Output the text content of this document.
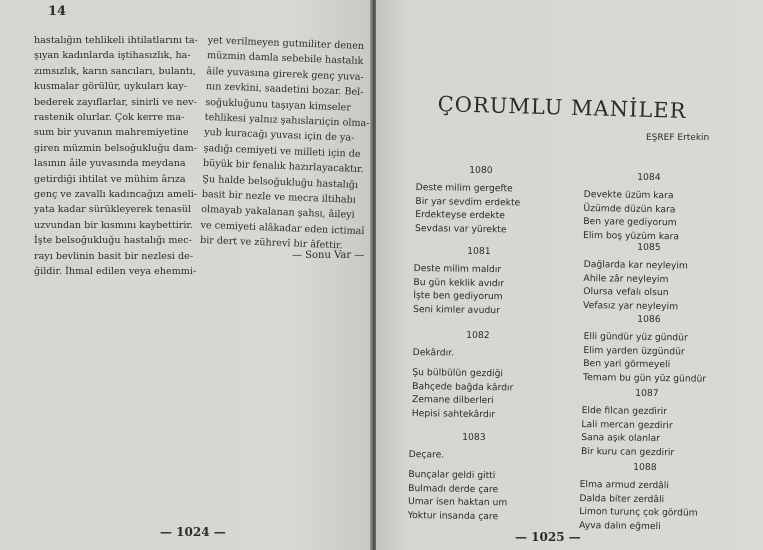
14
hastalığın tehlikeli ihtilatlarını ta-
şıyan kadınlarda iştihasızlık, ha-
zımsızlık, karın sancıları, bulantı,
kusmalar görülür, uykuları kay-
bederek zayıflarlar, sinirli ve nev-
rastenik olurlar. Çok kerre ma-
sum bir yuvanın mahremiyetine
giren müzmin belsoğukluğu dam-
lasının âile yuvasında meydana
getirdiği ihtilat ve mühim ârıza
genç ve zavallı kadıncağızı ameli-
yata kadar sürükleyerek tenasül
uzvundan bir kısmını kaybettirir.
İşte belsoğukluğu hastalığı mec-
rayı bevlinin basit bir nezlesi de-
ğildir. İhmal edilen veya ehemmi-
yet verilmeyen gutmiliter denen
müzmin damla sebebile hastalık
âile yuvasına girerek genç yuva-
nın zevkini, saadetini bozar. Bel-
soğukluğunu taşıyan kimseler
tehlikesi yalnız şahıslarıiçin olma-
yub kuracağı yuvası için de ya-
şadığı cemiyeti ve milleti için de
büyük bir fenalık hazırlayacaktır.
Şu halde belsoğukluğu hastalığı
basit bir nezle ve mecra iltihabı
olmayab yakalanan şahsı, âileyi
ve cemiyeti alâkadar eden ictimaî
bir dert ve zührevî bir âfettir.
— Sonu Var —
— 1024 —
ÇORUMLU MANİLER
EŞREF Ertekin
1080
Deste milim gergefte
Bir yar sevdim erdekte
Erdekteyse erdekte
Sevdası var yürekte
1081
Deste milim maldır
Bu gün keklik avıdır
İşte ben gediyorum
Seni kimler avudur
1082
Dekârdır.
Şu bülbülün gezdiği
Bahçede bağda kârdır
Zemane dilberleri
Hepisi sahtekârdır
1083
Deçare.
Bunçalar geldi gitti
Bulmadı derde çare
Umar isen haktan um
Yoktur insanda çare
1084
Devekte üzüm kara
Üzümde düzün kara
Ben yare gediyorum
Elim boş yüzüm kara
1085
Dağlarda kar neyleyim
Ahile zâr neyleyim
Olursa vefalı olsun
Vefasız yar neyleyim
1086
Elli gündür yüz gündür
Elim yarden üzgündür
Ben yari görmeyeli
Temam bu gün yüz gündür
1087
Elde filcan gezdirir
Lali mercan gezdirir
Sana aşık olanlar
Bir kuru can gezdirir
1088
Elma armud zerdâli
Dalda biter zerdâli
Limon turunç çok gördüm
Ayva dalın eğmeli
— 1025 —
